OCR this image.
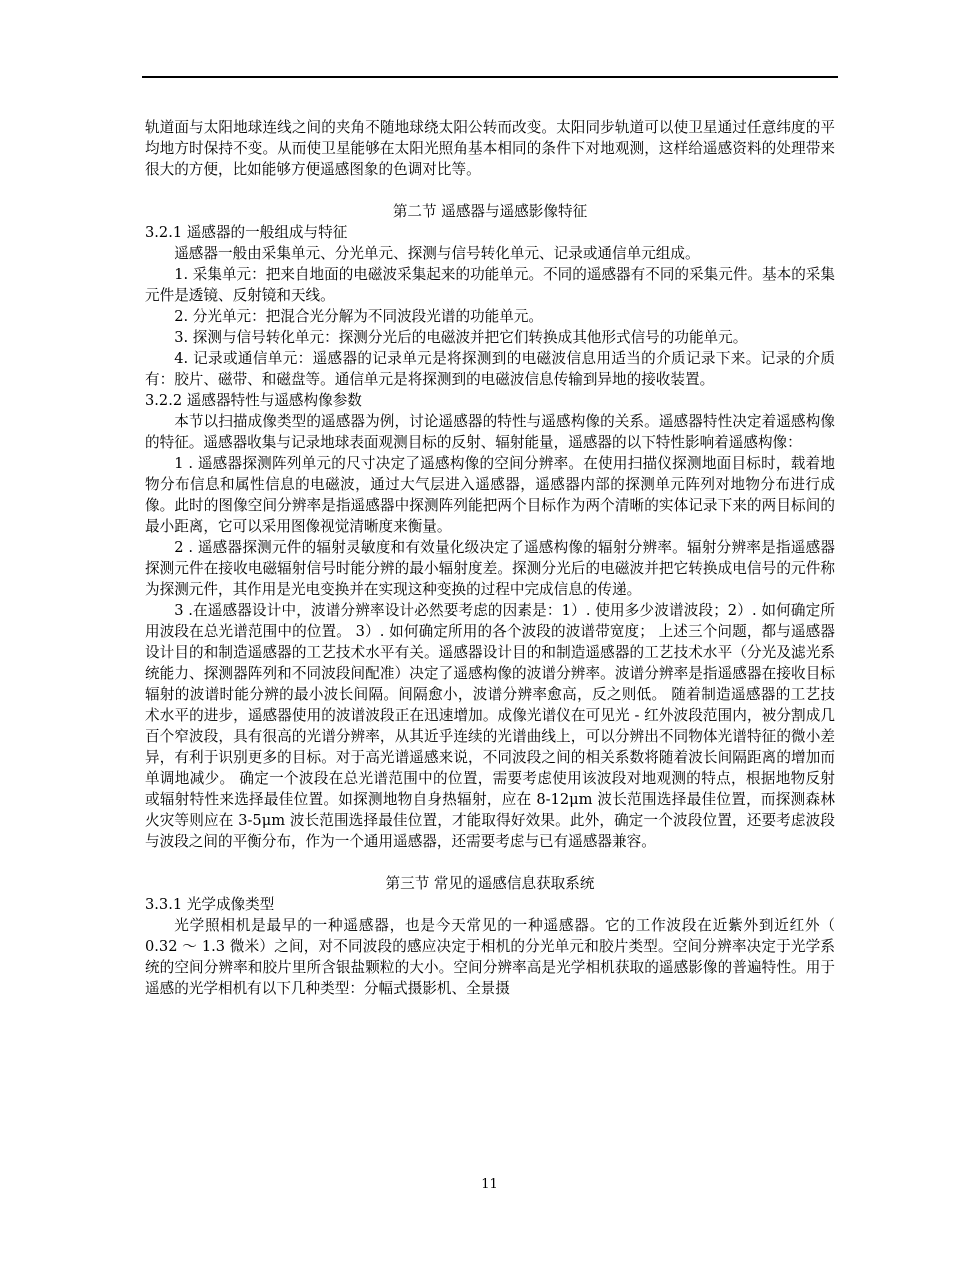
轨道面与太阳地球连线之间的夹角不随地球绕太阳公转而改变。太阳同步轨道可以使卫星通过任意纬度的平均地方时保持不变。从而使卫星能够在太阳光照角基本相同的条件下对地观测，这样给遥感资料的处理带来很大的方便，比如能够方便遥感图象的色调对比等。

第二节 遥感器与遥感影像特征

3.2.1 遥感器的一般组成与特征

遥感器一般由采集单元、分光单元、探测与信号转化单元、记录或通信单元组成。

1. 采集单元：把来自地面的电磁波采集起来的功能单元。不同的遥感器有不同的采集元件。基本的采集元件是透镜、反射镜和天线。

2. 分光单元：把混合光分解为不同波段光谱的功能单元。

3. 探测与信号转化单元：探测分光后的电磁波并把它们转换成其他形式信号的功能单元。

4. 记录或通信单元：遥感器的记录单元是将探测到的电磁波信息用适当的介质记录下来。记录的介质有：胶片、磁带、和磁盘等。通信单元是将探测到的电磁波信息传输到异地的接收装置。

3.2.2 遥感器特性与遥感构像参数

本节以扫描成像类型的遥感器为例，讨论遥感器的特性与遥感构像的关系。遥感器特性决定着遥感构像的特征。遥感器收集与记录地球表面观测目标的反射、辐射能量，遥感器的以下特性影响着遥感构像：

1 . 遥感器探测阵列单元的尺寸决定了遥感构像的空间分辨率。在使用扫描仪探测地面目标时，载着地物分布信息和属性信息的电磁波，通过大气层进入遥感器，遥感器内部的探测单元阵列对地物分布进行成像。此时的图像空间分辨率是指遥感器中探测阵列能把两个目标作为两个清晰的实体记录下来的两目标间的最小距离，它可以采用图像视觉清晰度来衡量。

2 . 遥感器探测元件的辐射灵敏度和有效量化级决定了遥感构像的辐射分辨率。辐射分辨率是指遥感器探测元件在接收电磁辐射信号时能分辨的最小辐射度差。探测分光后的电磁波并把它转换成电信号的元件称为探测元件，其作用是光电变换并在实现这种变换的过程中完成信息的传递。

3 .在遥感器设计中，波谱分辨率设计必然要考虑的因素是：1）. 使用多少波谱波段；2）. 如何确定所用波段在总光谱范围中的位置。 3）. 如何确定所用的各个波段的波谱带宽度； 上述三个问题，都与遥感器设计目的和制造遥感器的工艺技术水平有关。遥感器设计目的和制造遥感器的工艺技术水平（分光及滤光系统能力、探测器阵列和不同波段间配准）决定了遥感构像的波谱分辨率。波谱分辨率是指遥感器在接收目标辐射的波谱时能分辨的最小波长间隔。间隔愈小，波谱分辨率愈高，反之则低。 随着制造遥感器的工艺技术水平的进步，遥感器使用的波谱波段正在迅速增加。成像光谱仪在可见光 - 红外波段范围内，被分割成几百个窄波段，具有很高的光谱分辨率，从其近乎连续的光谱曲线上，可以分辨出不同物体光谱特征的微小差异，有利于识别更多的目标。对于高光谱遥感来说，不同波段之间的相关系数将随着波长间隔距离的增加而单调地减少。 确定一个波段在总光谱范围中的位置，需要考虑使用该波段对地观测的特点，根据地物反射或辐射特性来选择最佳位置。如探测地物自身热辐射，应在 8-12μm 波长范围选择最佳位置，而探测森林火灾等则应在 3-5μm 波长范围选择最佳位置，才能取得好效果。此外，确定一个波段位置，还要考虑波段与波段之间的平衡分布，作为一个通用遥感器，还需要考虑与已有遥感器兼容。

第三节 常见的遥感信息获取系统

3.3.1 光学成像类型

光学照相机是最早的一种遥感器，也是今天常见的一种遥感器。它的工作波段在近紫外到近红外（ 0.32 ～ 1.3 微米）之间，对不同波段的感应决定于相机的分光单元和胶片类型。空间分辨率决定于光学系统的空间分辨率和胶片里所含银盐颗粒的大小。空间分辨率高是光学相机获取的遥感影像的普遍特性。用于遥感的光学相机有以下几种类型：分幅式摄影机、全景摄

11
